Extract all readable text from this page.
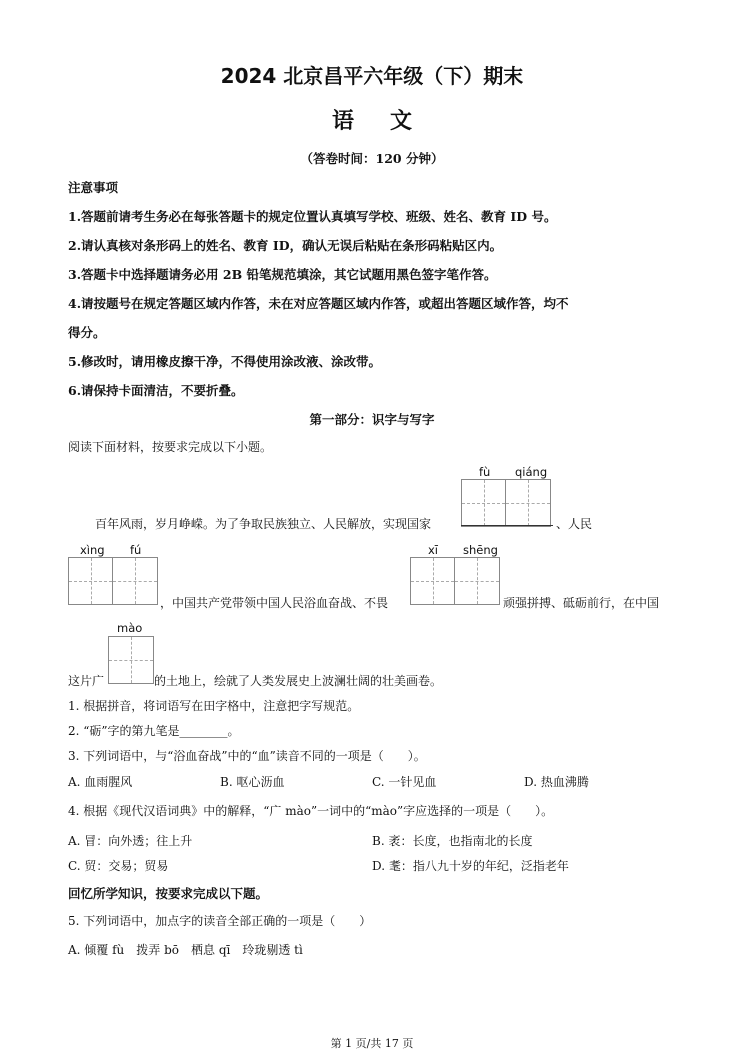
2024 北京昌平六年级（下）期末
语文
（答卷时间：120 分钟）
注意事项
1.答题前请考生务必在每张答题卡的规定位置认真填写学校、班级、姓名、教育 ID 号。
2.请认真核对条形码上的姓名、教育 ID，确认无误后粘贴在条形码粘贴区内。
3.答题卡中选择题请务必用 2B 铅笔规范填涂，其它试题用黑色签字笔作答。
4.请按题号在规定答题区域内作答，未在对应答题区域内作答，或超出答题区域作答，均不
得分。
5.修改时，请用橡皮擦干净，不得使用涂改液、涂改带。
6.请保持卡面清洁，不要折叠。
第一部分：识字与写字
阅读下面材料，按要求完成以下小题。
fù qiáng
百年风雨，岁月峥嵘。为了争取民族独立、人民解放，实现国家	、人民
xìng fú	xī shēng
，中国共产党带领中国人民浴血奋战、不畏	顽强拼搏、砥砺前行，在中国
mào
这片广	的土地上，绘就了人类发展史上波澜壮阔的壮美画卷。
1. 根据拼音，将词语写在田字格中，注意把字写规范。
2. “砺”字的第九笔是________。
3. 下列词语中，与“浴血奋战”中的“血”读音不同的一项是（　　）。
A. 血雨腥风	B. 呕心沥血	C. 一针见血	D. 热血沸腾
4. 根据《现代汉语词典》中的解释，“广 mào”一词中的“mào”字应选择的一项是（　　）。
A. 冒：向外透；往上升	B. 袤：长度，也指南北的长度
C. 贸：交易；贸易	D. 耄：指八九十岁的年纪，泛指老年
回忆所学知识，按要求完成以下题。
5. 下列词语中，加点字的读音全部正确的一项是（　　）
A. 倾覆 fù　拨弄 bō　栖息 qī　玲珑剔透 tì
第 1 页/共 17 页
